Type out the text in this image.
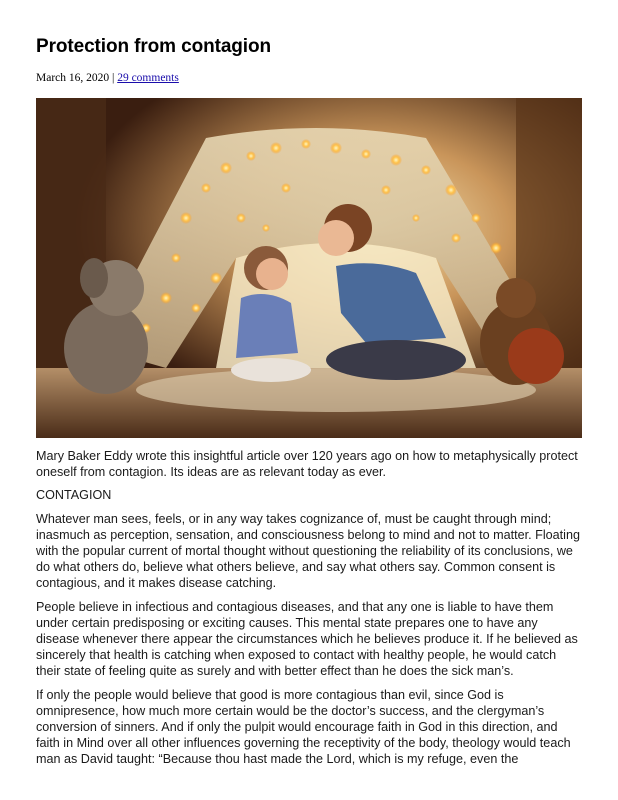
Protection from contagion
March 16, 2020 | 29 comments

Mary Baker Eddy wrote this insightful article over 120 years ago on how to metaphysically protect oneself from contagion. Its ideas are as relevant today as ever.

CONTAGION

Whatever man sees, feels, or in any way takes cognizance of, must be caught through mind; inasmuch as perception, sensation, and consciousness belong to mind and not to matter. Floating with the popular current of mortal thought without questioning the reliability of its conclusions, we do what others do, believe what others believe, and say what others say. Common consent is contagious, and it makes disease catching.

People believe in infectious and contagious diseases, and that any one is liable to have them under certain predisposing or exciting causes. This mental state prepares one to have any disease whenever there appear the circumstances which he believes produce it. If he believed as sincerely that health is catching when exposed to contact with healthy people, he would catch their state of feeling quite as surely and with better effect than he does the sick man’s.

If only the people would believe that good is more contagious than evil, since God is omnipresence, how much more certain would be the doctor’s success, and the clergyman’s conversion of sinners. And if only the pulpit would encourage faith in God in this direction, and faith in Mind over all other influences governing the receptivity of the body, theology would teach man as David taught: “Because thou hast made the Lord, which is my refuge, even the
